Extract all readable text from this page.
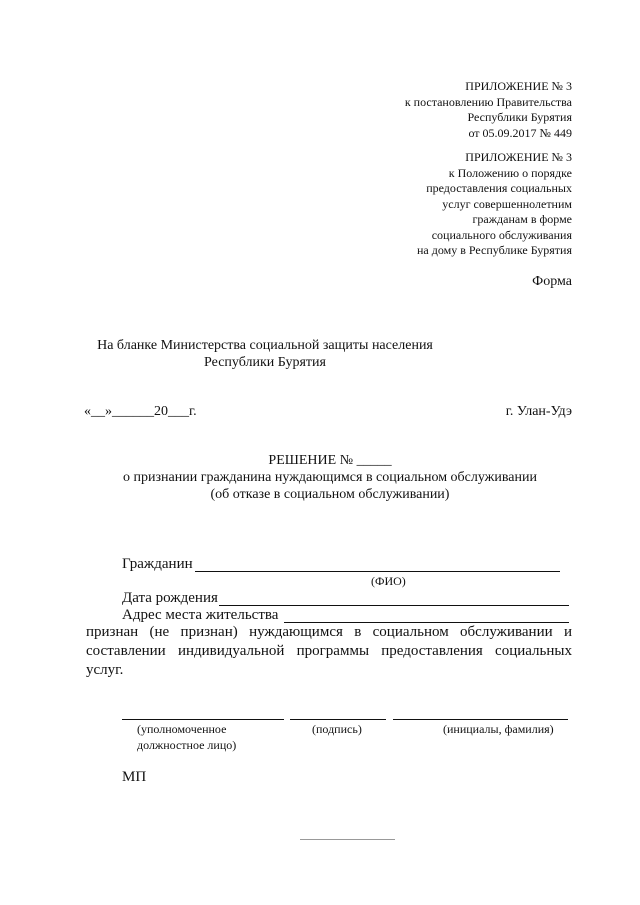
ПРИЛОЖЕНИЕ № 3
к постановлению Правительства
Республики Бурятия
от 05.09.2017 № 449
ПРИЛОЖЕНИЕ № 3
к Положению о порядке
предоставления социальных
услуг совершеннолетним
гражданам в форме
социального обслуживания
на дому в Республике Бурятия
Форма
На бланке Министерства социальной защиты населения
Республики Бурятия
«__»______20___г.	г. Улан-Удэ
РЕШЕНИЕ № _____
о признании гражданина нуждающимся в социальном обслуживании
(об отказе в социальном обслуживании)
Гражданин
(ФИО)
Дата рождения
Адрес места жительства
признан (не признан) нуждающимся в социальном обслуживании и составлении индивидуальной программы предоставления социальных услуг.
(уполномоченное
должностное лицо)
(подпись)	(инициалы, фамилия)
МП
